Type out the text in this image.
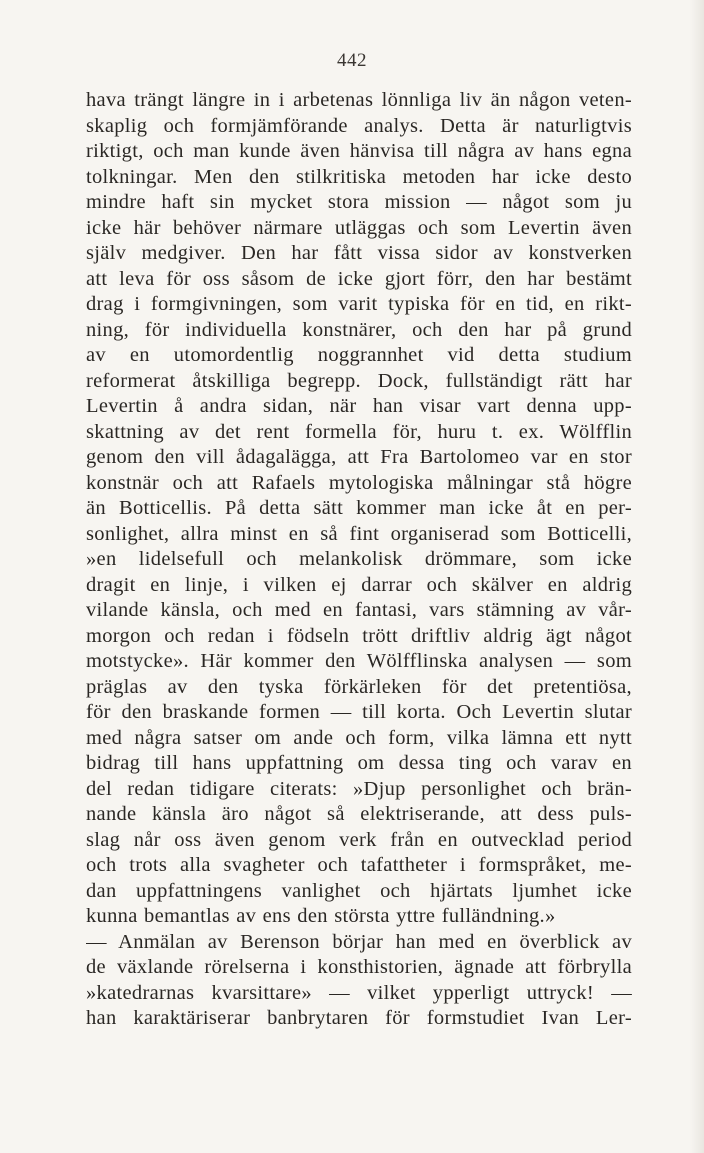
442
hava trängt längre in i arbetenas lönnliga liv än någon veten-
skaplig och formjämförande analys. Detta är naturligtvis
riktigt, och man kunde även hänvisa till några av hans egna
tolkningar. Men den stilkritiska metoden har icke desto
mindre haft sin mycket stora mission — något som ju
icke här behöver närmare utläggas och som Levertin även
själv medgiver. Den har fått vissa sidor av konstverken
att leva för oss såsom de icke gjort förr, den har bestämt
drag i formgivningen, som varit typiska för en tid, en rikt-
ning, för individuella konstnärer, och den har på grund
av en utomordentlig noggrannhet vid detta studium
reformerat åtskilliga begrepp. Dock, fullständigt rätt har
Levertin å andra sidan, när han visar vart denna upp-
skattning av det rent formella för, huru t. ex. Wölfflin
genom den vill ådagalägga, att Fra Bartolomeo var en stor
konstnär och att Rafaels mytologiska målningar stå högre
än Botticellis. På detta sätt kommer man icke åt en per-
sonlighet, allra minst en så fint organiserad som Botticelli,
»en lidelsefull och melankolisk drömmare, som icke
dragit en linje, i vilken ej darrar och skälver en aldrig
vilande känsla, och med en fantasi, vars stämning av vår-
morgon och redan i födseln trött driftliv aldrig ägt något
motstycke». Här kommer den Wölfflinska analysen — som
präglas av den tyska förkärleken för det pretentiösa,
för den braskande formen — till korta. Och Levertin slutar
med några satser om ande och form, vilka lämna ett nytt
bidrag till hans uppfattning om dessa ting och varav en
del redan tidigare citerats: »Djup personlighet och brän-
nande känsla äro något så elektriserande, att dess puls-
slag når oss även genom verk från en outvecklad period
och trots alla svagheter och tafattheter i formspråket, me-
dan uppfattningens vanlighet och hjärtats ljumhet icke
kunna bemantlas av ens den största yttre fulländning.»
— Anmälan av Berenson börjar han med en överblick av
de växlande rörelserna i konsthistorien, ägnade att förbrylla
»katedrarnas kvarsittare» — vilket ypperligt uttryck! —
han karaktäriserar banbrytaren för formstudiet Ivan Ler-
